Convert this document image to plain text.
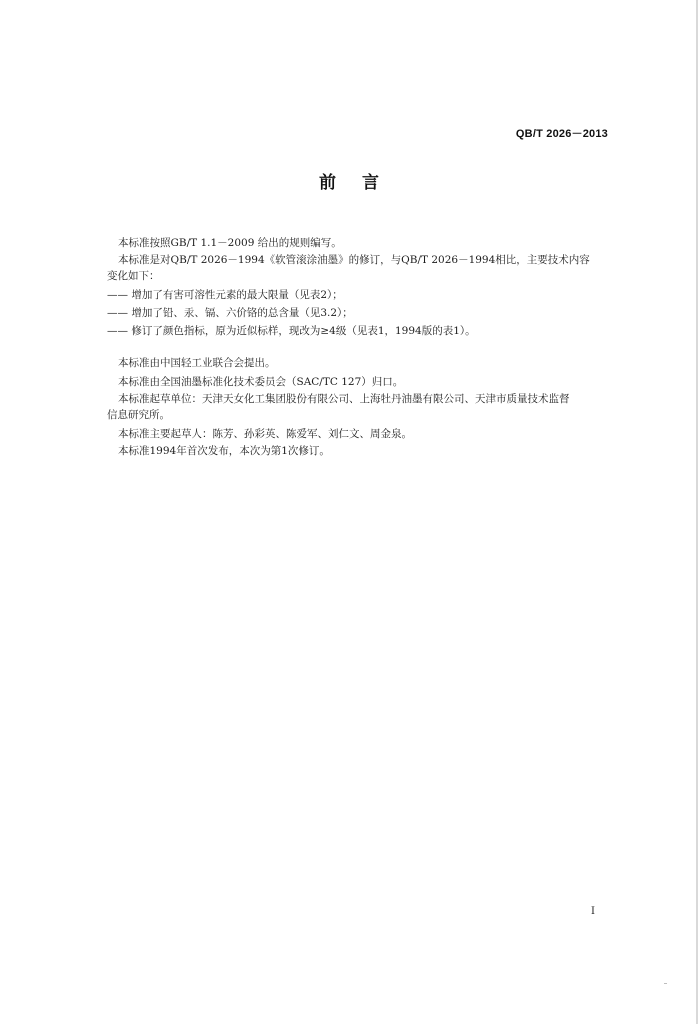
QB/T 2026－2013
前言
本标准按照GB/T 1.1－2009 给出的规则编写。
本标准是对QB/T 2026－1994《软管滚涂油墨》的修订，与QB/T 2026－1994相比，主要技术内容
变化如下：
—— 增加了有害可溶性元素的最大限量（见表2）；
—— 增加了铅、汞、镉、六价铬的总含量（见3.2）；
—— 修订了颜色指标，原为近似标样，现改为≥4级（见表1，1994版的表1）。
本标准由中国轻工业联合会提出。
本标准由全国油墨标准化技术委员会（SAC/TC 127）归口。
本标准起草单位：天津天女化工集团股份有限公司、上海牡丹油墨有限公司、天津市质量技术监督
信息研究所。
本标准主要起草人：陈芳、孙彩英、陈爱军、刘仁文、周金泉。
本标准1994年首次发布，本次为第1次修订。
I
